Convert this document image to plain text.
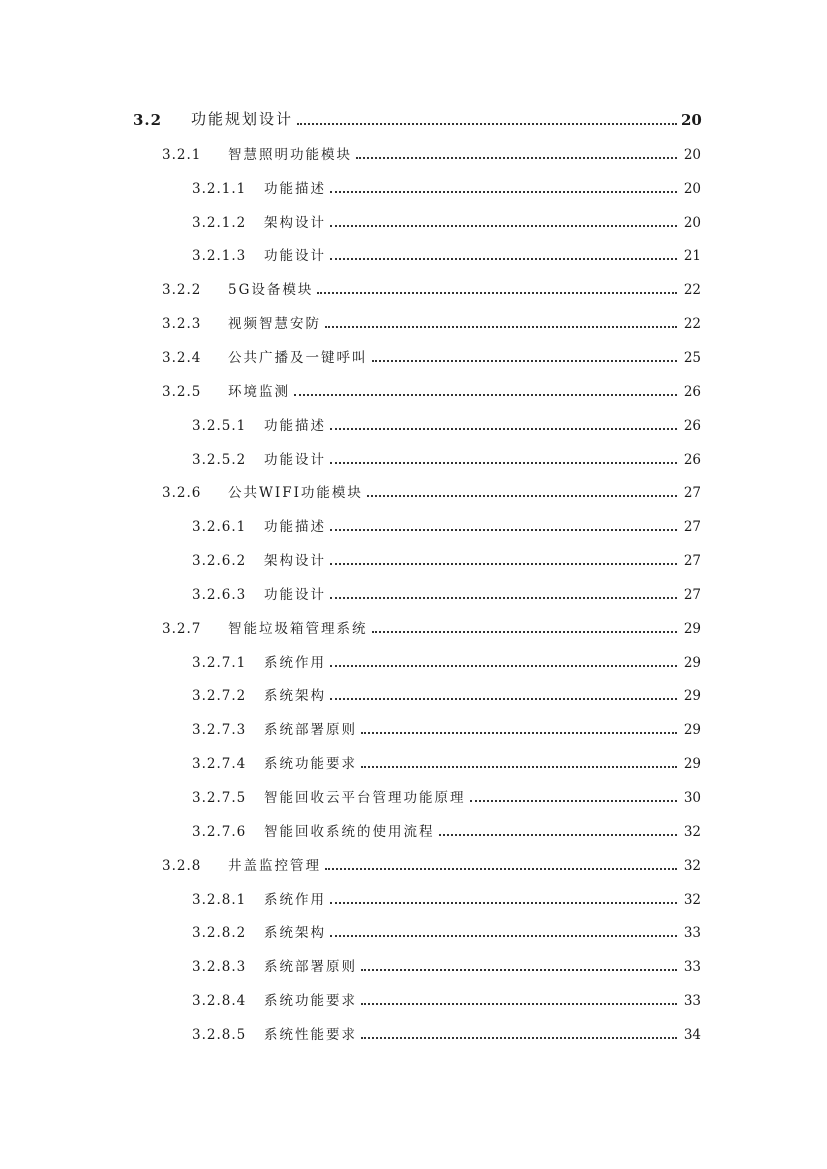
3.2	功能规划设计	20
3.2.1	智慧照明功能模块	20
3.2.1.1	功能描述	20
3.2.1.2	架构设计	20
3.2.1.3	功能设计	21
3.2.2	5G设备模块	22
3.2.3	视频智慧安防	22
3.2.4	公共广播及一键呼叫	25
3.2.5	环境监测	26
3.2.5.1	功能描述	26
3.2.5.2	功能设计	26
3.2.6	公共WIFI功能模块	27
3.2.6.1	功能描述	27
3.2.6.2	架构设计	27
3.2.6.3	功能设计	27
3.2.7	智能垃圾箱管理系统	29
3.2.7.1	系统作用	29
3.2.7.2	系统架构	29
3.2.7.3	系统部署原则	29
3.2.7.4	系统功能要求	29
3.2.7.5	智能回收云平台管理功能原理	30
3.2.7.6	智能回收系统的使用流程	32
3.2.8	井盖监控管理	32
3.2.8.1	系统作用	32
3.2.8.2	系统架构	33
3.2.8.3	系统部署原则	33
3.2.8.4	系统功能要求	33
3.2.8.5	系统性能要求	34
